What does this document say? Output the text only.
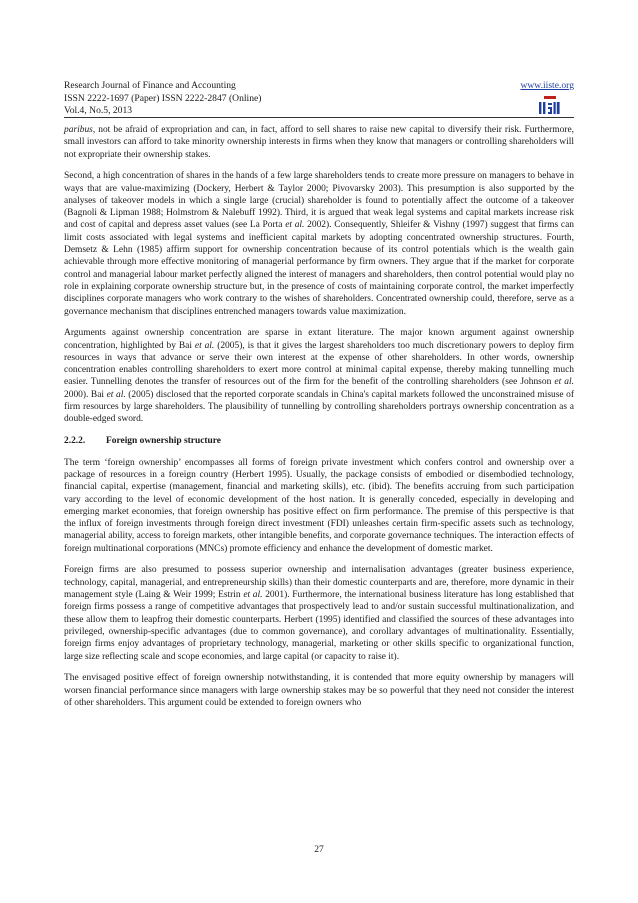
Research Journal of Finance and Accounting
ISSN 2222-1697 (Paper) ISSN 2222-2847 (Online)
Vol.4, No.5, 2013
www.iiste.org

paribus, not be afraid of expropriation and can, in fact, afford to sell shares to raise new capital to diversify their risk. Furthermore, small investors can afford to take minority ownership interests in firms when they know that managers or controlling shareholders will not expropriate their ownership stakes.

Second, a high concentration of shares in the hands of a few large shareholders tends to create more pressure on managers to behave in ways that are value-maximizing (Dockery, Herbert & Taylor 2000; Pivovarsky 2003). This presumption is also supported by the analyses of takeover models in which a single large (crucial) shareholder is found to potentially affect the outcome of a takeover (Bagnoli & Lipman 1988; Holmstrom & Nalebuff 1992). Third, it is argued that weak legal systems and capital markets increase risk and cost of capital and depress asset values (see La Porta et al. 2002). Consequently, Shleifer & Vishny (1997) suggest that firms can limit costs associated with legal systems and inefficient capital markets by adopting concentrated ownership structures. Fourth, Demsetz & Lehn (1985) affirm support for ownership concentration because of its control potentials which is the wealth gain achievable through more effective monitoring of managerial performance by firm owners. They argue that if the market for corporate control and managerial labour market perfectly aligned the interest of managers and shareholders, then control potential would play no role in explaining corporate ownership structure but, in the presence of costs of maintaining corporate control, the market imperfectly disciplines corporate managers who work contrary to the wishes of shareholders. Concentrated ownership could, therefore, serve as a governance mechanism that disciplines entrenched managers towards value maximization.

Arguments against ownership concentration are sparse in extant literature. The major known argument against ownership concentration, highlighted by Bai et al. (2005), is that it gives the largest shareholders too much discretionary powers to deploy firm resources in ways that advance or serve their own interest at the expense of other shareholders. In other words, ownership concentration enables controlling shareholders to exert more control at minimal capital expense, thereby making tunnelling much easier. Tunnelling denotes the transfer of resources out of the firm for the benefit of the controlling shareholders (see Johnson et al. 2000). Bai et al. (2005) disclosed that the reported corporate scandals in China's capital markets followed the unconstrained misuse of firm resources by large shareholders. The plausibility of tunnelling by controlling shareholders portrays ownership concentration as a double-edged sword.

2.2.2. Foreign ownership structure

The term ‘foreign ownership’ encompasses all forms of foreign private investment which confers control and ownership over a package of resources in a foreign country (Herbert 1995). Usually, the package consists of embodied or disembodied technology, financial capital, expertise (management, financial and marketing skills), etc. (ibid). The benefits accruing from such participation vary according to the level of economic development of the host nation. It is generally conceded, especially in developing and emerging market economies, that foreign ownership has positive effect on firm performance. The premise of this perspective is that the influx of foreign investments through foreign direct investment (FDI) unleashes certain firm-specific assets such as technology, managerial ability, access to foreign markets, other intangible benefits, and corporate governance techniques. The interaction effects of foreign multinational corporations (MNCs) promote efficiency and enhance the development of domestic market.

Foreign firms are also presumed to possess superior ownership and internalisation advantages (greater business experience, technology, capital, managerial, and entrepreneurship skills) than their domestic counterparts and are, therefore, more dynamic in their management style (Laing & Weir 1999; Estrin et al. 2001). Furthermore, the international business literature has long established that foreign firms possess a range of competitive advantages that prospectively lead to and/or sustain successful multinationalization, and these allow them to leapfrog their domestic counterparts. Herbert (1995) identified and classified the sources of these advantages into privileged, ownership-specific advantages (due to common governance), and corollary advantages of multinationality. Essentially, foreign firms enjoy advantages of proprietary technology, managerial, marketing or other skills specific to organizational function, large size reflecting scale and scope economies, and large capital (or capacity to raise it).

The envisaged positive effect of foreign ownership notwithstanding, it is contended that more equity ownership by managers will worsen financial performance since managers with large ownership stakes may be so powerful that they need not consider the interest of other shareholders. This argument could be extended to foreign owners who

27
